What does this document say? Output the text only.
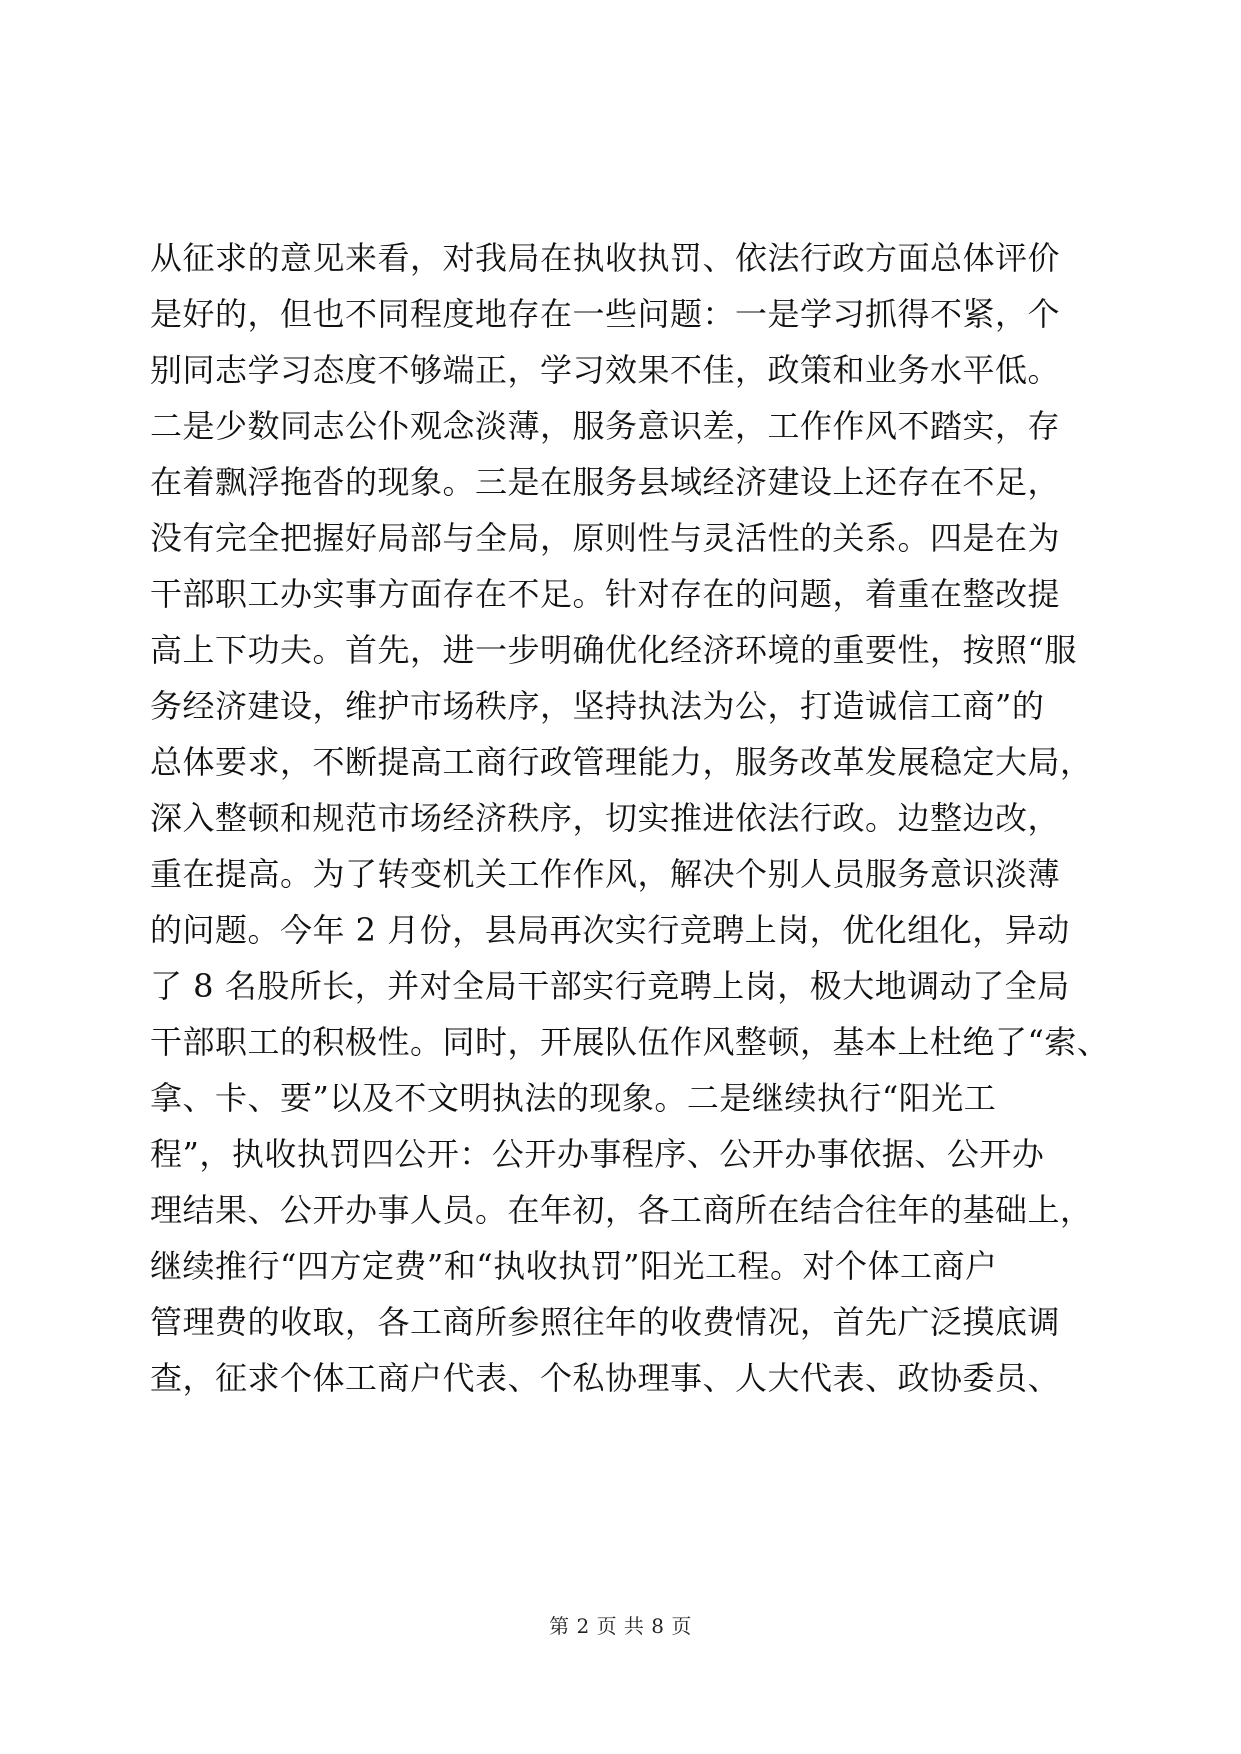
从征求的意见来看，对我局在执收执罚、依法行政方面总体评价
是好的，但也不同程度地存在一些问题：一是学习抓得不紧，个
别同志学习态度不够端正，学习效果不佳，政策和业务水平低。
二是少数同志公仆观念淡薄，服务意识差，工作作风不踏实，存
在着飘浮拖沓的现象。三是在服务县域经济建设上还存在不足，
没有完全把握好局部与全局，原则性与灵活性的关系。四是在为
干部职工办实事方面存在不足。针对存在的问题，着重在整改提
高上下功夫。首先，进一步明确优化经济环境的重要性，按照“服
务经济建设，维护市场秩序，坚持执法为公，打造诚信工商”的
总体要求，不断提高工商行政管理能力，服务改革发展稳定大局，
深入整顿和规范市场经济秩序，切实推进依法行政。边整边改，
重在提高。为了转变机关工作作风，解决个别人员服务意识淡薄
的问题。今年 2 月份，县局再次实行竞聘上岗，优化组化，异动
了 8 名股所长，并对全局干部实行竞聘上岗，极大地调动了全局
干部职工的积极性。同时，开展队伍作风整顿，基本上杜绝了“索、
拿、卡、要”以及不文明执法的现象。二是继续执行“阳光工
程”，执收执罚四公开：公开办事程序、公开办事依据、公开办
理结果、公开办事人员。在年初，各工商所在结合往年的基础上，
继续推行“四方定费”和“执收执罚”阳光工程。对个体工商户
管理费的收取，各工商所参照往年的收费情况，首先广泛摸底调
查，征求个体工商户代表、个私协理事、人大代表、政协委员、
第 2 页 共 8 页
